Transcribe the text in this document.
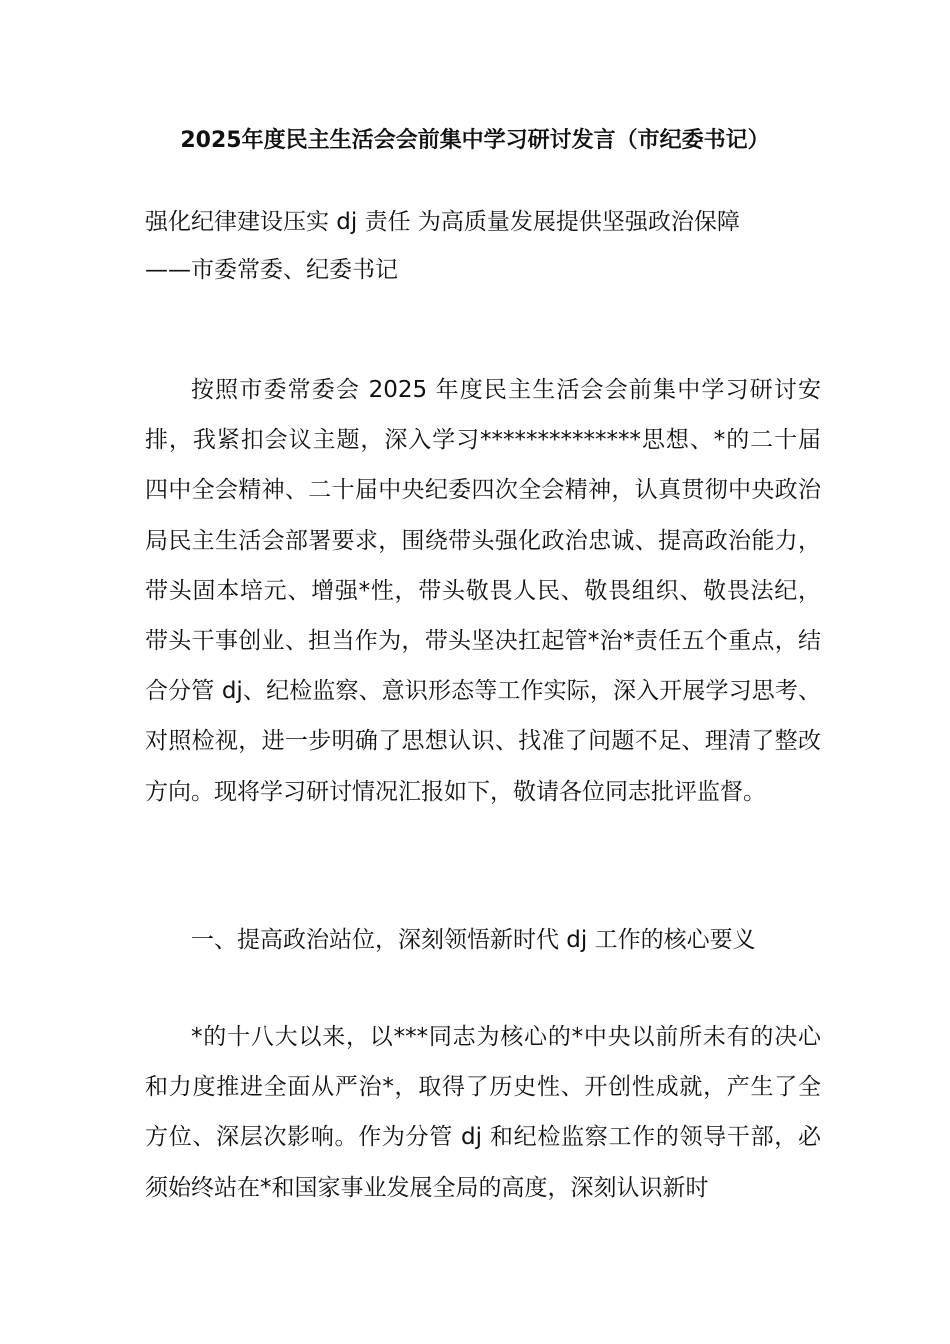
2025年度民主生活会会前集中学习研讨发言（市纪委书记）
强化纪律建设压实 dj 责任 为高质量发展提供坚强政治保障
——市委常委、纪委书记

按照市委常委会 2025 年度民主生活会会前集中学习研讨安排，我紧扣会议主题，深入学习**************思想、*的二十届四中全会精神、二十届中央纪委四次全会精神，认真贯彻中央政治局民主生活会部署要求，围绕带头强化政治忠诚、提高政治能力，带头固本培元、增强*性，带头敬畏人民、敬畏组织、敬畏法纪，带头干事创业、担当作为，带头坚决扛起管*治*责任五个重点，结合分管 dj、纪检监察、意识形态等工作实际，深入开展学习思考、对照检视，进一步明确了思想认识、找准了问题不足、理清了整改方向。现将学习研讨情况汇报如下，敬请各位同志批评监督。

一、提高政治站位，深刻领悟新时代 dj 工作的核心要义

*的十八大以来，以***同志为核心的*中央以前所未有的决心和力度推进全面从严治*，取得了历史性、开创性成就，产生了全方位、深层次影响。作为分管 dj 和纪检监察工作的领导干部，必须始终站在*和国家事业发展全局的高度，深刻认识新时
